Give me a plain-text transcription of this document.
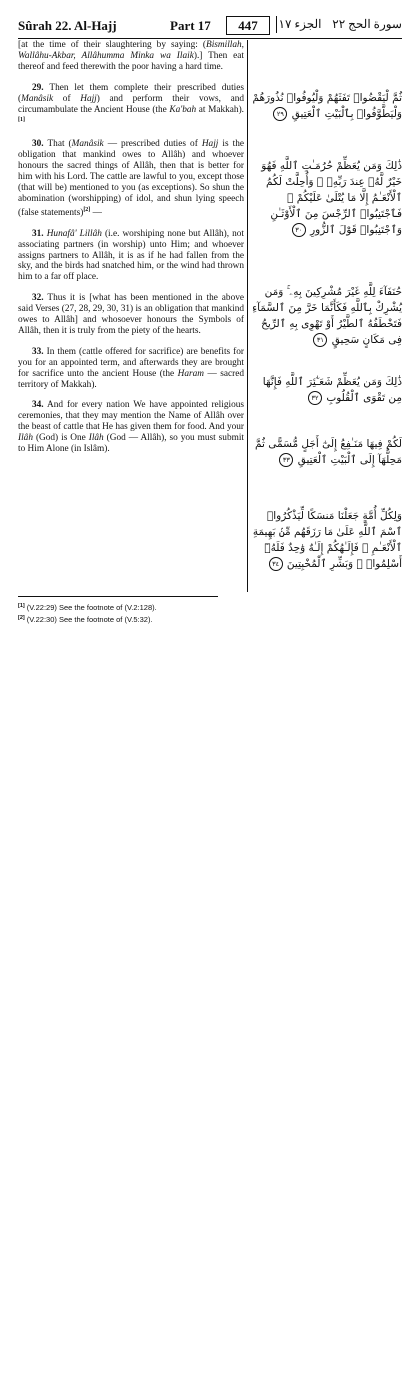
Sûrah 22. Al-Hajj	Part 17	447	الجزء ١٧ سورة الحج ٢٢

[at the time of their slaughtering by saying: (Bismillah, Wallâhu-Akbar, Allâhumma Minka wa Ilaik).] Then eat thereof and feed therewith the poor having a hard time.

29. Then let them complete their prescribed duties (Manâsik of Hajj) and perform their vows, and circumambulate the Ancient House (the Ka'bah at Makkah).[1]

30. That (Manâsik — prescribed duties of Hajj is the obligation that mankind owes to Allâh) and whoever honours the sacred things of Allâh, then that is better for him with his Lord. The cattle are lawful to you, except those (that will be) mentioned to you (as exceptions). So shun the abomination (worshipping) of idol, and shun lying speech (false statements)[2] —

31. Hunafâ' Lillâh (i.e. worshiping none but Allâh), not associating partners (in worship) unto Him; and whoever assigns partners to Allâh, it is as if he had fallen from the sky, and the birds had snatched him, or the wind had thrown him to a far off place.

32. Thus it is [what has been mentioned in the above said Verses (27, 28, 29, 30, 31) is an obligation that mankind owes to Allâh] and whosoever honours the Symbols of Allâh, then it is truly from the piety of the hearts.

33. In them (cattle offered for sacrifice) are benefits for you for an appointed term, and afterwards they are brought for sacrifice unto the ancient House (the Haram — sacred territory of Makkah).

34. And for every nation We have appointed religious ceremonies, that they may mention the Name of Allâh over the beast of cattle that He has given them for food. And your Ilâh (God) is One Ilâh (God — Allâh), so you must submit to Him Alone (in Islâm).

ثُمَّ لْيَقْضُوا۟ تَفَثَهُمْ وَلْيُوفُوا۟ نُذُورَهُمْ وَلْيَطَّوَّفُوا۟ بِٱلْبَيْتِ ٱلْعَتِيقِ ٢٩
ذَٰلِكَ وَمَن يُعَظِّمْ حُرُمَـٰتِ ٱللَّهِ فَهُوَ خَيْرٌ لَّهُۥ عِندَ رَبِّهِۦ ۗ وَأُحِلَّتْ لَكُمُ ٱلْأَنْعَـٰمُ إِلَّا مَا يُتْلَىٰ عَلَيْكُمْ ۖ فَٱجْتَنِبُوا۟ ٱلرِّجْسَ مِنَ ٱلْأَوْثَـٰنِ وَٱجْتَنِبُوا۟ قَوْلَ ٱلزُّورِ ٣٠
حُنَفَآءَ لِلَّهِ غَيْرَ مُشْرِكِينَ بِهِۦ ۚ وَمَن يُشْرِكْ بِٱللَّهِ فَكَأَنَّمَا خَرَّ مِنَ ٱلسَّمَآءِ فَتَخْطَفُهُ ٱلطَّيْرُ أَوْ تَهْوِى بِهِ ٱلرِّيحُ فِى مَكَانٍ سَحِيقٍ ٣١
ذَٰلِكَ وَمَن يُعَظِّمْ شَعَـٰٓئِرَ ٱللَّهِ فَإِنَّهَا مِن تَقْوَى ٱلْقُلُوبِ ٣٢
لَكُمْ فِيهَا مَنَـٰفِعُ إِلَىٰٓ أَجَلٍ مُّسَمًّى ثُمَّ مَحِلُّهَآ إِلَى ٱلْبَيْتِ ٱلْعَتِيقِ ٣٣
وَلِكُلِّ أُمَّةٍ جَعَلْنَا مَنسَكًا لِّيَذْكُرُوا۟ ٱسْمَ ٱللَّهِ عَلَىٰ مَا رَزَقَهُم مِّنۢ بَهِيمَةِ ٱلْأَنْعَـٰمِ ۗ فَإِلَـٰهُكُمْ إِلَـٰهٌ وَٰحِدٌ فَلَهُۥٓ أَسْلِمُوا۟ ۗ وَبَشِّرِ ٱلْمُخْبِتِينَ ٣٤
[1] (V.22:29) See the footnote of (V.2:128).
[2] (V.22:30) See the footnote of (V.5:32).
